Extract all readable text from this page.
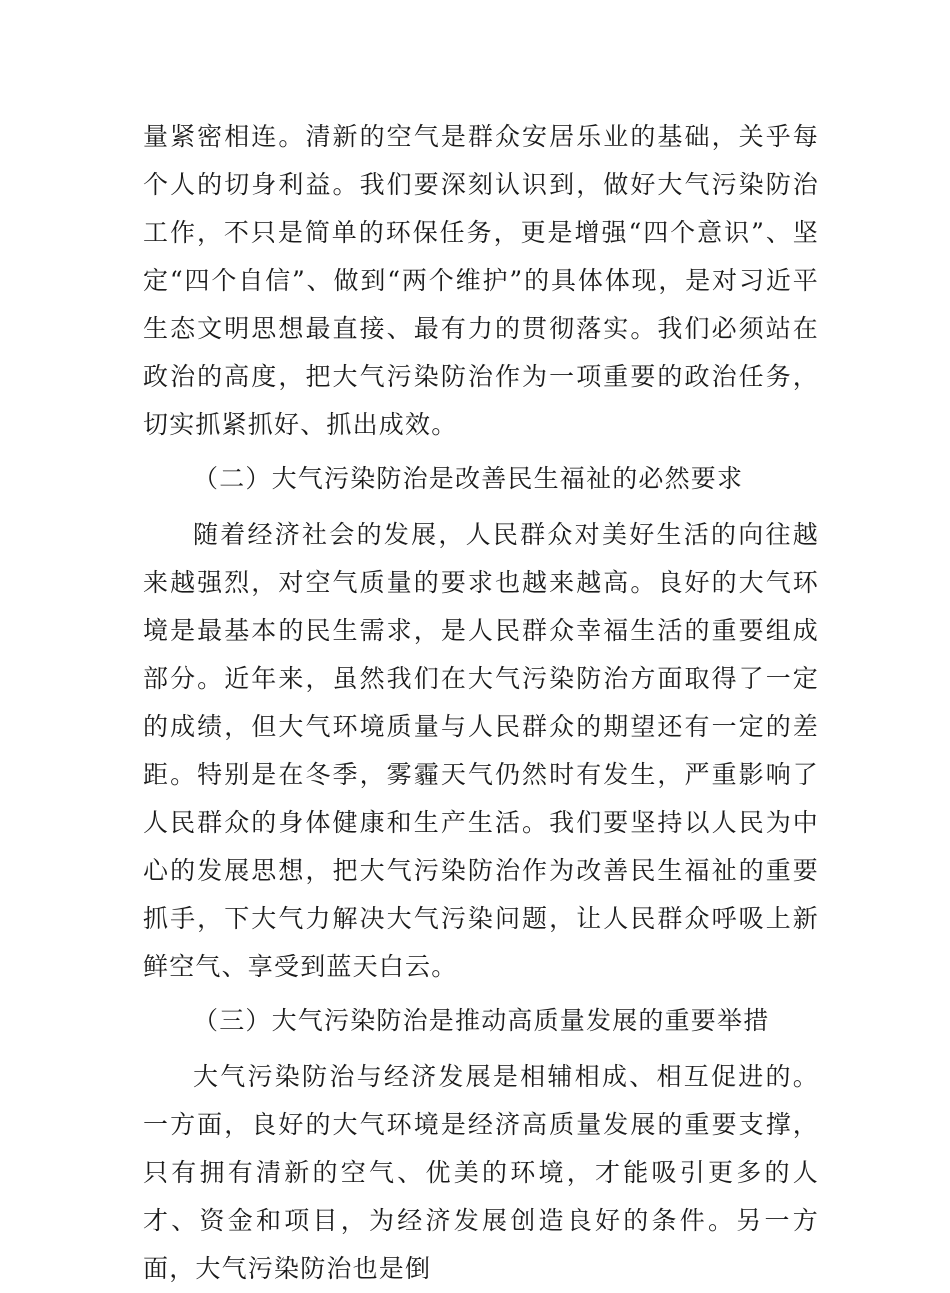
量紧密相连。清新的空气是群众安居乐业的基础，关乎每个人的切身利益。我们要深刻认识到，做好大气污染防治工作，不只是简单的环保任务，更是增强“四个意识”、坚定“四个自信”、做到“两个维护”的具体体现，是对习近平生态文明思想最直接、最有力的贯彻落实。我们必须站在政治的高度，把大气污染防治作为一项重要的政治任务，切实抓紧抓好、抓出成效。

（二）大气污染防治是改善民生福祉的必然要求

随着经济社会的发展，人民群众对美好生活的向往越来越强烈，对空气质量的要求也越来越高。良好的大气环境是最基本的民生需求，是人民群众幸福生活的重要组成部分。近年来，虽然我们在大气污染防治方面取得了一定的成绩，但大气环境质量与人民群众的期望还有一定的差距。特别是在冬季，雾霾天气仍然时有发生，严重影响了人民群众的身体健康和生产生活。我们要坚持以人民为中心的发展思想，把大气污染防治作为改善民生福祉的重要抓手，下大气力解决大气污染问题，让人民群众呼吸上新鲜空气、享受到蓝天白云。

（三）大气污染防治是推动高质量发展的重要举措

大气污染防治与经济发展是相辅相成、相互促进的。一方面，良好的大气环境是经济高质量发展的重要支撑，只有拥有清新的空气、优美的环境，才能吸引更多的人才、资金和项目，为经济发展创造良好的条件。另一方面，大气污染防治也是倒
